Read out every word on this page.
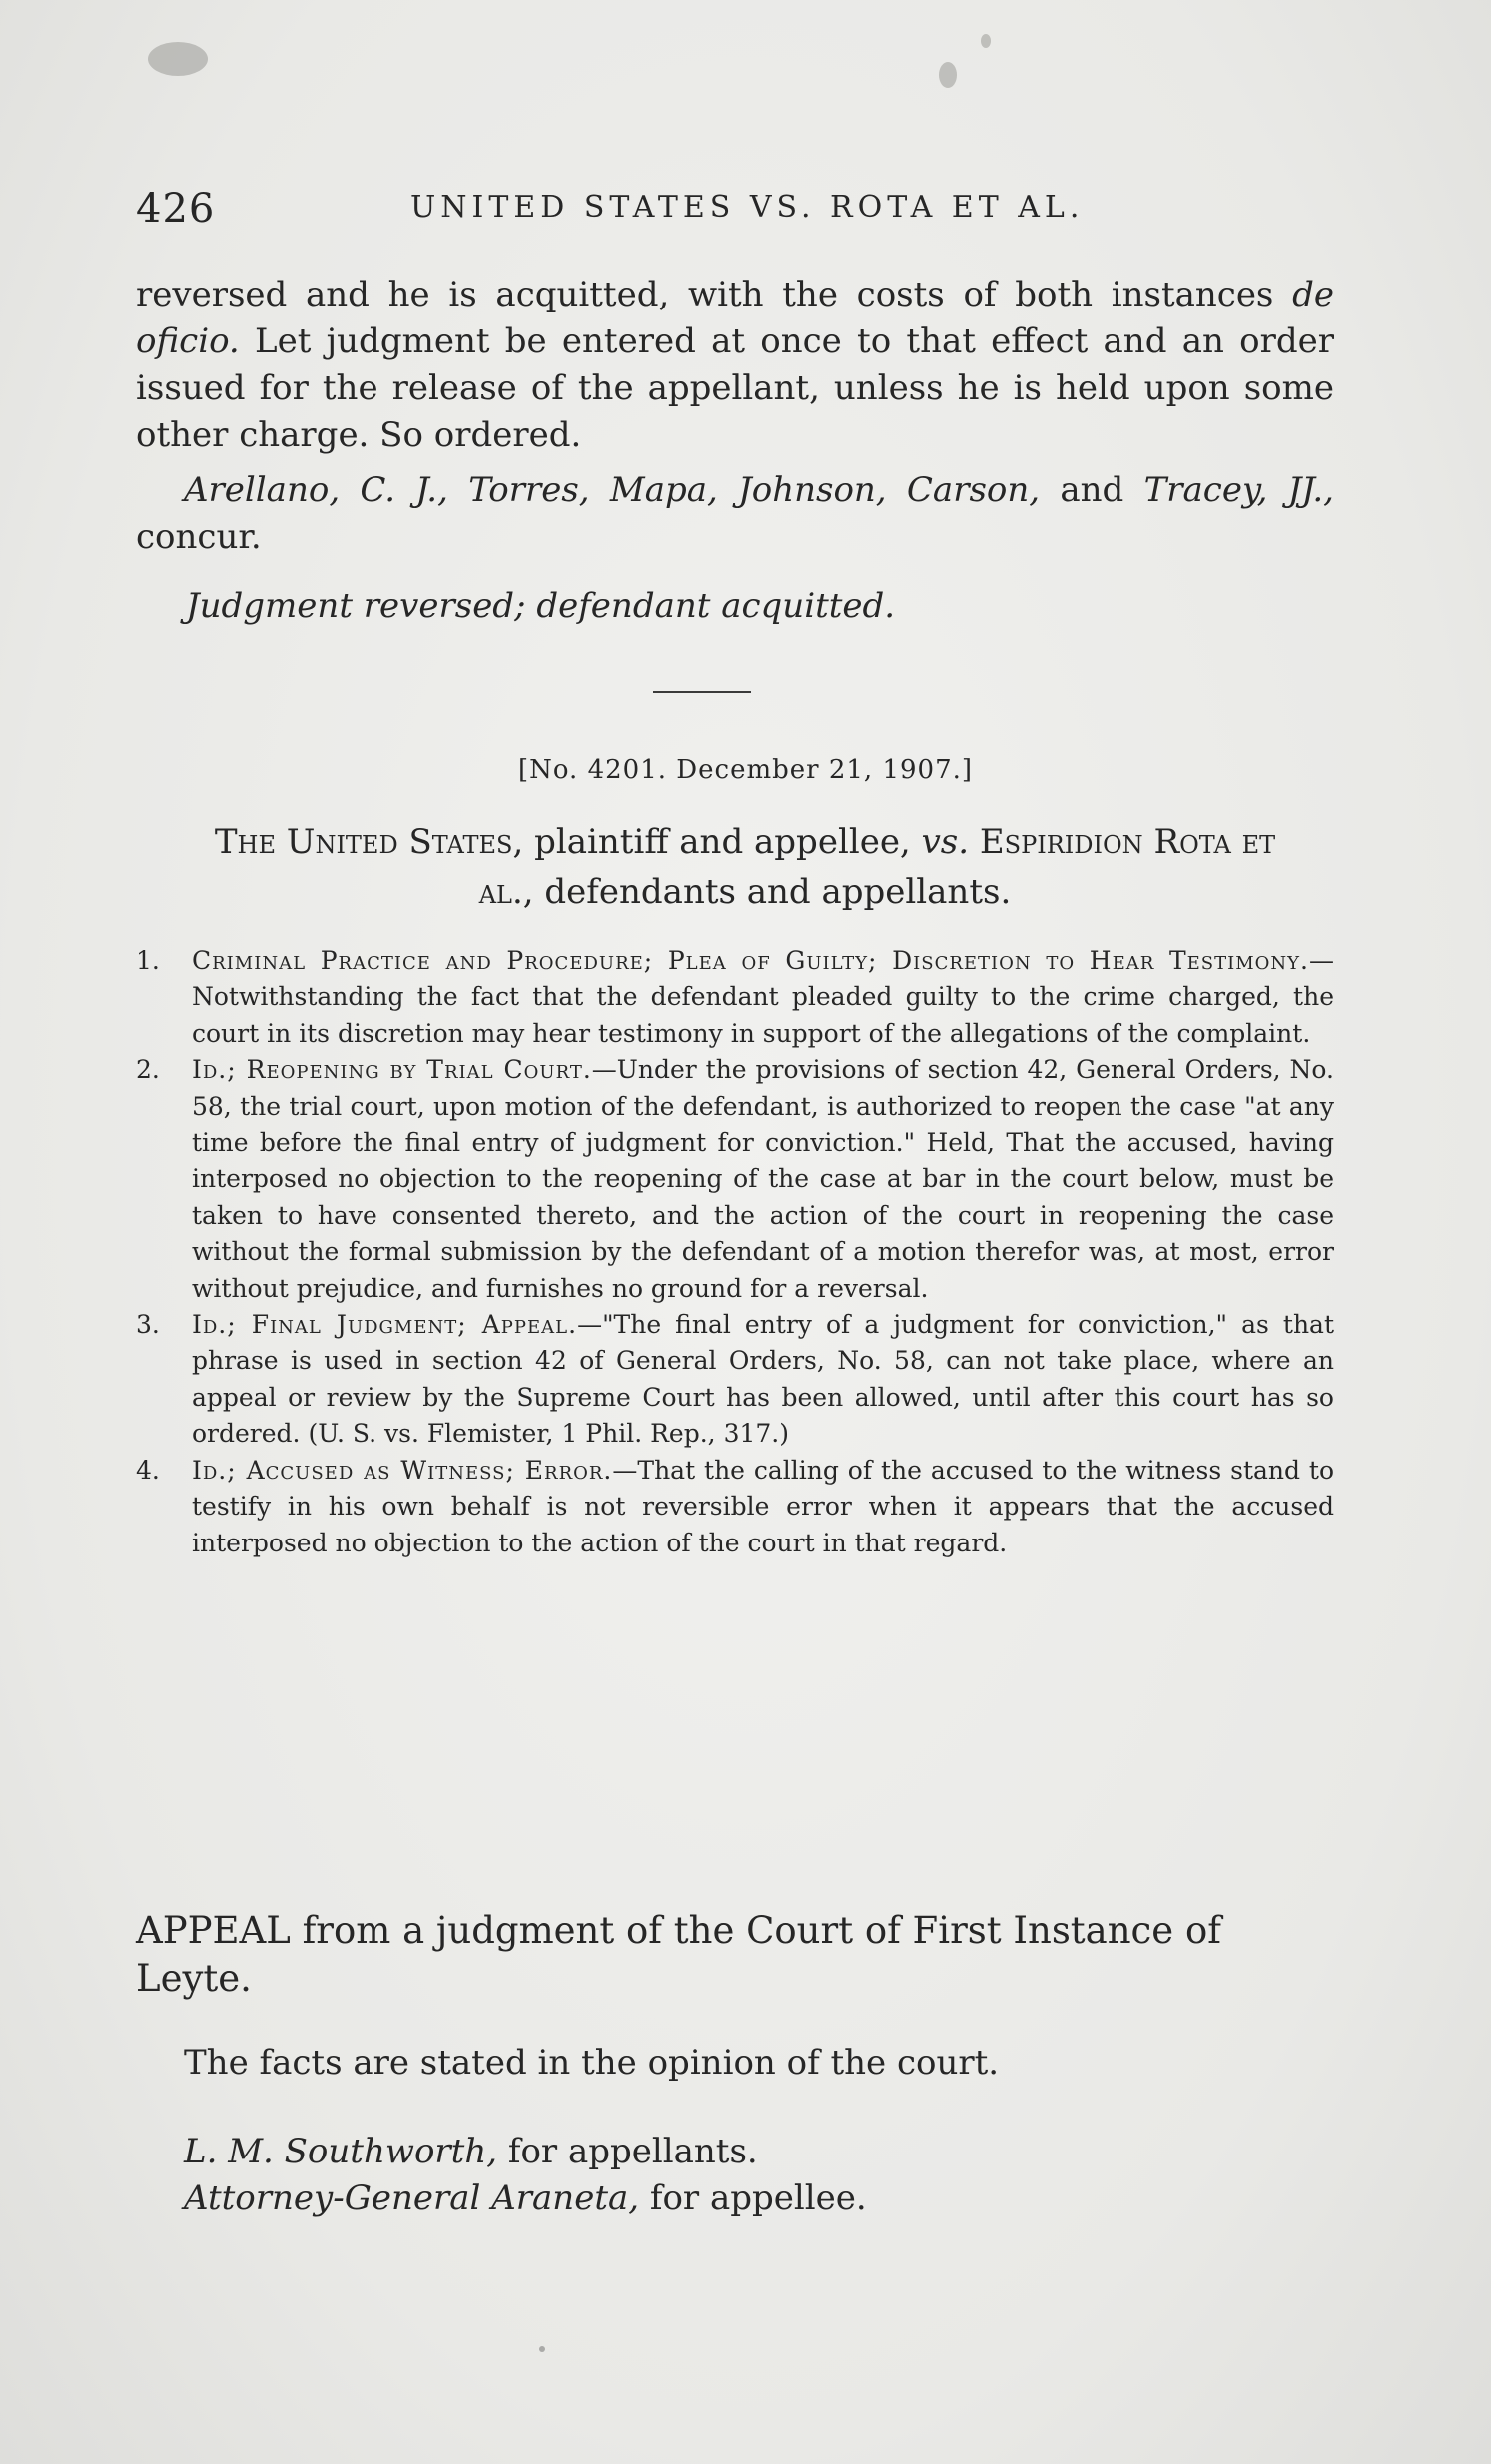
426	UNITED STATES VS. ROTA ET AL.
reversed and he is acquitted, with the costs of both instances de oficio. Let judgment be entered at once to that effect and an order issued for the release of the appellant, unless he is held upon some other charge. So ordered.
Arellano, C. J., Torres, Mapa, Johnson, Carson, and Tracey, JJ., concur.
Judgment reversed; defendant acquitted.
[No. 4201. December 21, 1907.]
The United States, plaintiff and appellee, vs. Espiridion Rota et al., defendants and appellants.

1. Criminal Practice and Procedure; Plea of Guilty; Discretion to Hear Testimony.—Notwithstanding the fact that the defendant pleaded guilty to the crime charged, the court in its discretion may hear testimony in support of the allegations of the complaint.

2. Id.; Reopening by Trial Court.—Under the provisions of section 42, General Orders, No. 58, the trial court, upon motion of the defendant, is authorized to reopen the case "at any time before the final entry of judgment for conviction." Held, That the accused, having interposed no objection to the reopening of the case at bar in the court below, must be taken to have consented thereto, and the action of the court in reopening the case without the formal submission by the defendant of a motion therefor was, at most, error without prejudice, and furnishes no ground for a reversal.

3. Id.; Final Judgment; Appeal.—"The final entry of a judgment for conviction," as that phrase is used in section 42 of General Orders, No. 58, can not take place, where an appeal or review by the Supreme Court has been allowed, until after this court has so ordered. (U. S. vs. Flemister, 1 Phil. Rep., 317.)

4. Id.; Accused as Witness; Error.—That the calling of the accused to the witness stand to testify in his own behalf is not reversible error when it appears that the accused interposed no objection to the action of the court in that regard.

APPEAL from a judgment of the Court of First Instance of Leyte.
The facts are stated in the opinion of the court.
L. M. Southworth, for appellants.
Attorney-General Araneta, for appellee.
